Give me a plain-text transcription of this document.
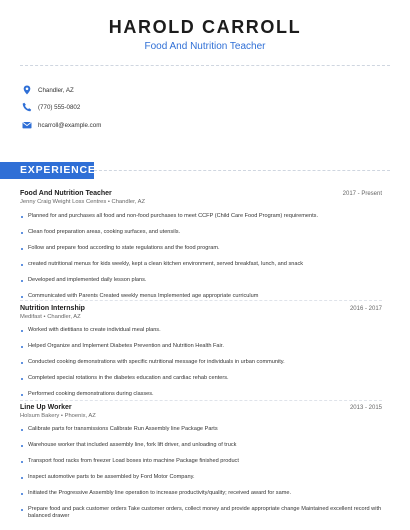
HAROLD CARROLL
Food And Nutrition Teacher
Chandler, AZ
(770) 555-0802
hcarroll@example.com
EXPERIENCE
Food And Nutrition Teacher	2017 - Present
Jenny Craig Weight Loss Centres • Chandler, AZ
Planned for and purchases all food and non-food purchases to meet CCFP (Child Care Food Program) requirements.
Clean food preparation areas, cooking surfaces, and utensils.
Follow and prepare food according to state regulations and the food program.
created nutritional menus for kids weekly, kept a clean kitchen environment, served breakfast, lunch, and snack
Developed and implemented daily lesson plans.
Communicated with Parents Created weekly menus Implemented age appropriate curriculum
Nutrition Internship	2016 - 2017
Medifast • Chandler, AZ
Worked with dietitians to create individual meal plans.
Helped Organize and Implement Diabetes Prevention and Nutrition Health Fair.
Conducted cooking demonstrations with specific nutritional message for individuals in urban community.
Completed special rotations in the diabetes education and cardiac rehab centers.
Performed cooking demonstrations during classes.
Line Up Worker	2013 - 2015
Holsum Bakery • Phoenix, AZ
Calibrate parts for transmissions Calibrate Run Assembly line Package Parts
Warehouse worker that included assembly line, fork lift driver, and unloading of truck
Transport food racks from freezer Load boxes into machine Package finished product
Inspect automotive parts to be assembled by Ford Motor Company.
Initiated the Progressive Assembly line operation to increase productivity/quality; received award for same.
Prepare food and pack customer orders Take customer orders, collect money and provide appropriate change Maintained excellent record with balanced drawer
